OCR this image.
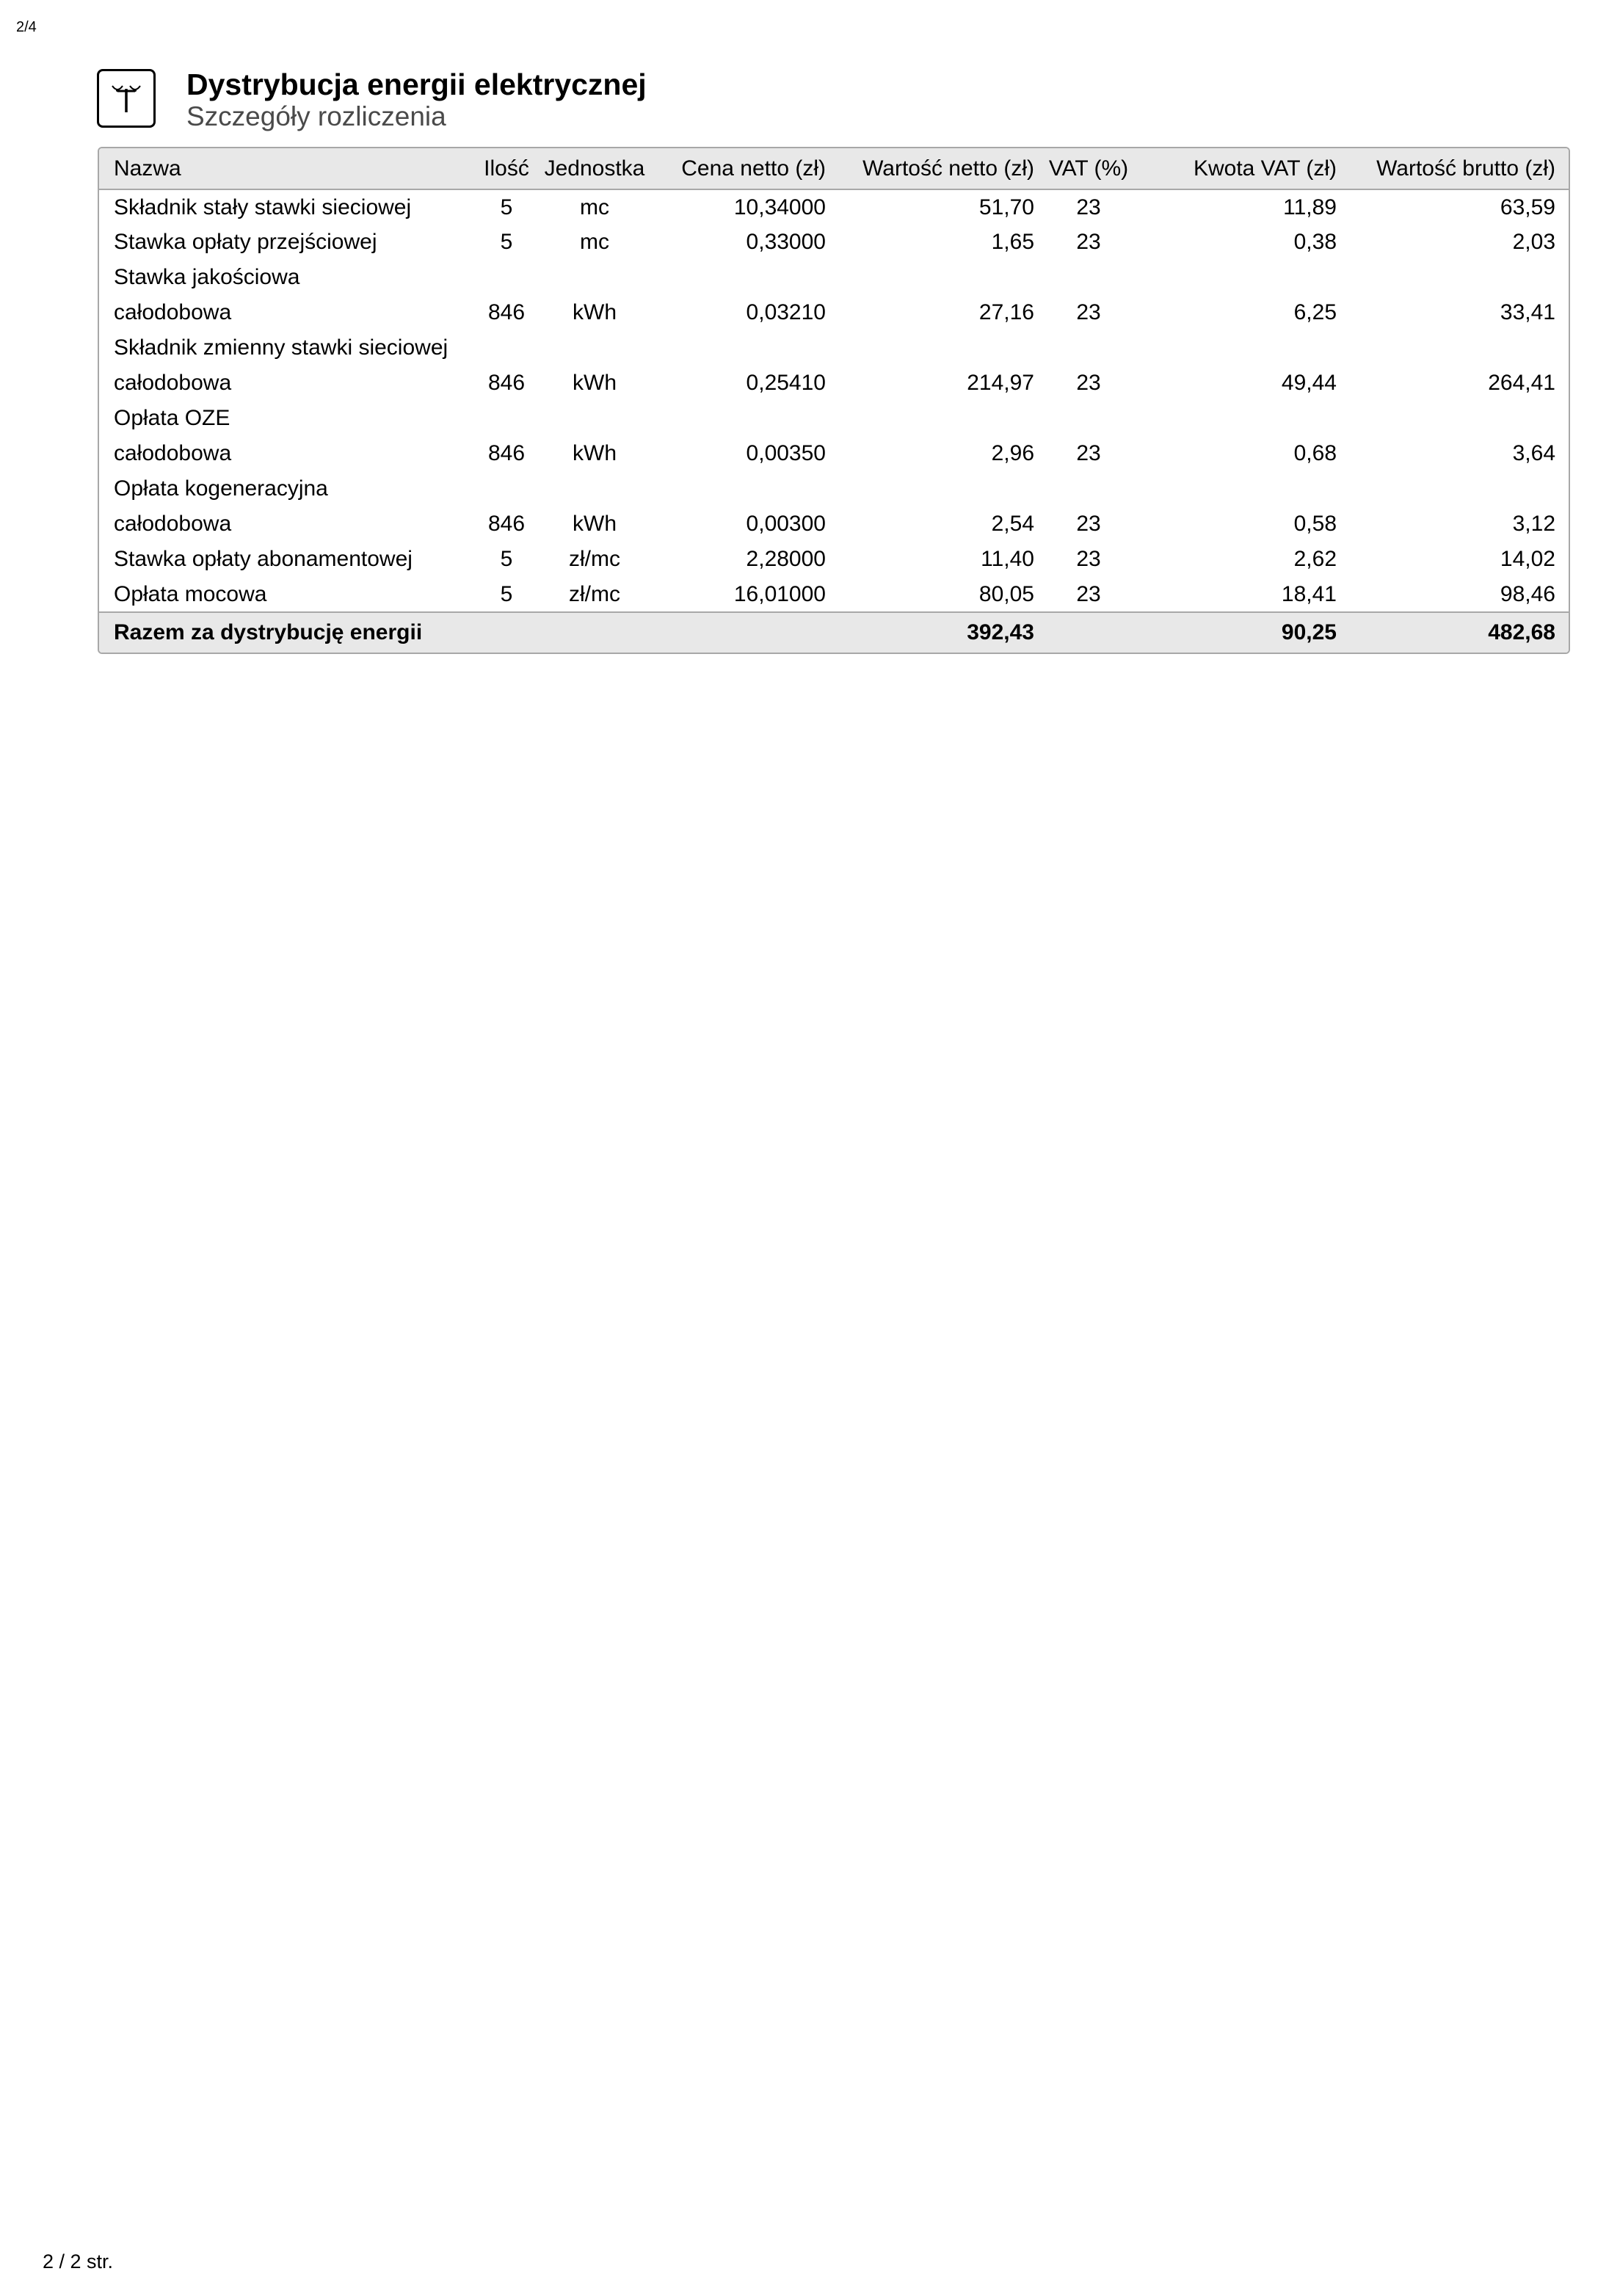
2/4
Dystrybucja energii elektrycznej
Szczegóły rozliczenia
Nazwa	Ilość	Jednostka	Cena netto (zł)	Wartość netto (zł)	VAT (%)	Kwota VAT (zł)	Wartość brutto (zł)
Składnik stały stawki sieciowej	5	mc	10,34000	51,70	23	11,89	63,59
Stawka opłaty przejściowej	5	mc	0,33000	1,65	23	0,38	2,03
Stawka jakościowa							
całodobowa	846	kWh	0,03210	27,16	23	6,25	33,41
Składnik zmienny stawki sieciowej							
całodobowa	846	kWh	0,25410	214,97	23	49,44	264,41
Opłata OZE							
całodobowa	846	kWh	0,00350	2,96	23	0,68	3,64
Opłata kogeneracyjna							
całodobowa	846	kWh	0,00300	2,54	23	0,58	3,12
Stawka opłaty abonamentowej	5	zł/mc	2,28000	11,40	23	2,62	14,02
Opłata mocowa	5	zł/mc	16,01000	80,05	23	18,41	98,46
Razem za dystrybucję energii				392,43		90,25	482,68
2 / 2 str.
